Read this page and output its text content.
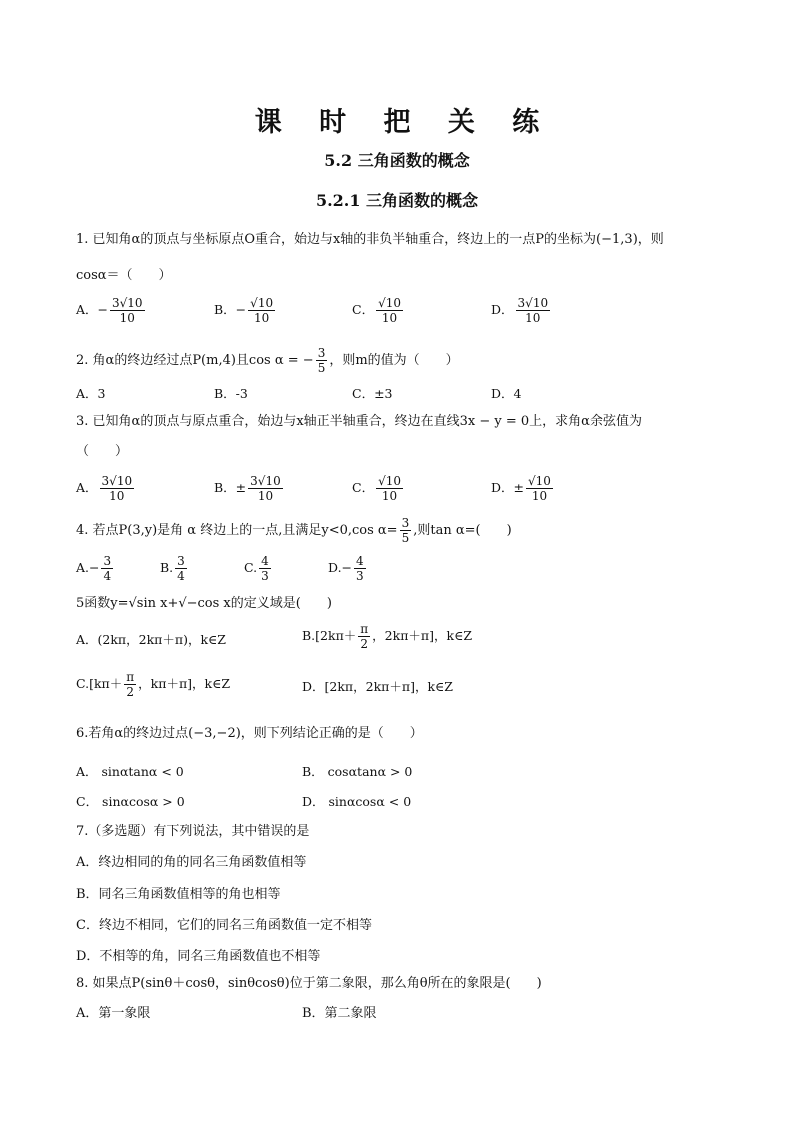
课 时 把 关 练
5.2 三角函数的概念
5.2.1 三角函数的概念
1. 已知角α的顶点与坐标原点O重合，始边与x轴的非负半轴重合，终边上的一点P的坐标为(−1,3)，则
cosα＝（　　）
A．− $\frac{3√10}{10}$	B．− $\frac{√10}{10}$	C． $\frac{√10}{10}$	D． $\frac{3√10}{10}$
2. 角α的终边经过点P(m,4)且cos α = − $\frac{3}{5}$ ，则m的值为（　　）
A．3	B．-3	C．±3	D．4
3. 已知角α的顶点与原点重合，始边与x轴正半轴重合，终边在直线3x − y = 0上，求角α余弦值为
（　　）
A． $\frac{3√10}{10}$	B．± $\frac{3√10}{10}$	C． $\frac{√10}{10}$	D．± $\frac{√10}{10}$
4. 若点P(3,y)是角 α 终边上的一点,且满足y<0,cos $\alpha= \frac{3}{5}$ ,则tan α=(　　)
$A.- \frac{3}{4}$	B. $\frac{3}{4}$	C. $\frac{4}{3}$	$D.- \frac{4}{3}$
5函数y=√sin x+√−cos x的定义域是(　　)
A．(2kπ，2kπ＋π)，k∈Z	$B.[2k\pi+ \frac{\pi}{2}$ ，2kπ＋π]，k∈Z
$C.[k\pi+ \frac{\pi}{2}$ ，kπ＋π]，k∈Z	D．[2kπ，2kπ＋π]，k∈Z
6.若角α的终边过点(−3,−2)，则下列结论正确的是（　　）
A． sinαtanα < 0	B． cosαtanα > 0
C． sinαcosα > 0	D． sinαcosα < 0
7.（多选题）有下列说法，其中错误的是
A．终边相同的角的同名三角函数值相等
B．同名三角函数值相等的角也相等
C．终边不相同，它们的同名三角函数值一定不相等
D．不相等的角，同名三角函数值也不相等
8. 如果点P(sinθ＋cosθ，sinθcosθ)位于第二象限，那么角θ所在的象限是(　　)
A．第一象限	B．第二象限
